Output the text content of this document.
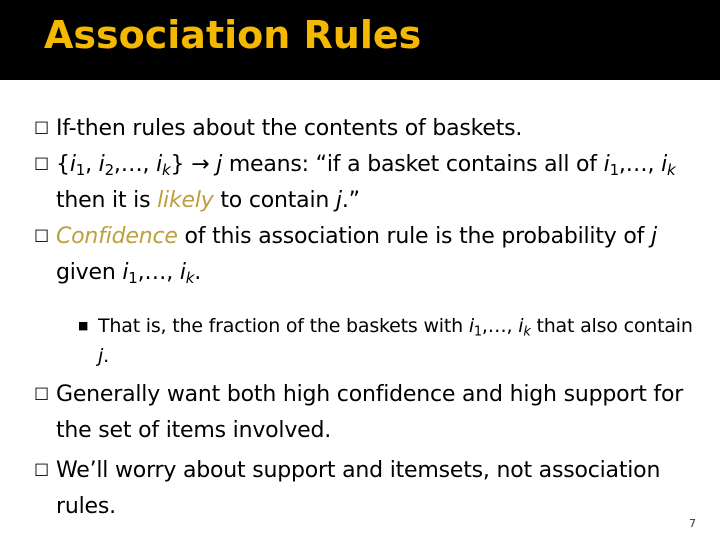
Association Rules
☐ If-then rules about the contents of baskets.
☐ {$i_1$, $i_2,\dots$, $i_k\} \to j$ means: “if a basket contains all of $i_1,\dots$, $i_k$ then it is likely to contain j.”
☐ Confidence of this association rule is the probability of j given $i_1,\dots$, $i_k$.
■ That is, the fraction of the baskets with $i_1,\dots$, $i_k$ that also contain j.
☐ Generally want both high confidence and high support for the set of items involved.
☐ We’ll worry about support and itemsets, not association rules.
7
